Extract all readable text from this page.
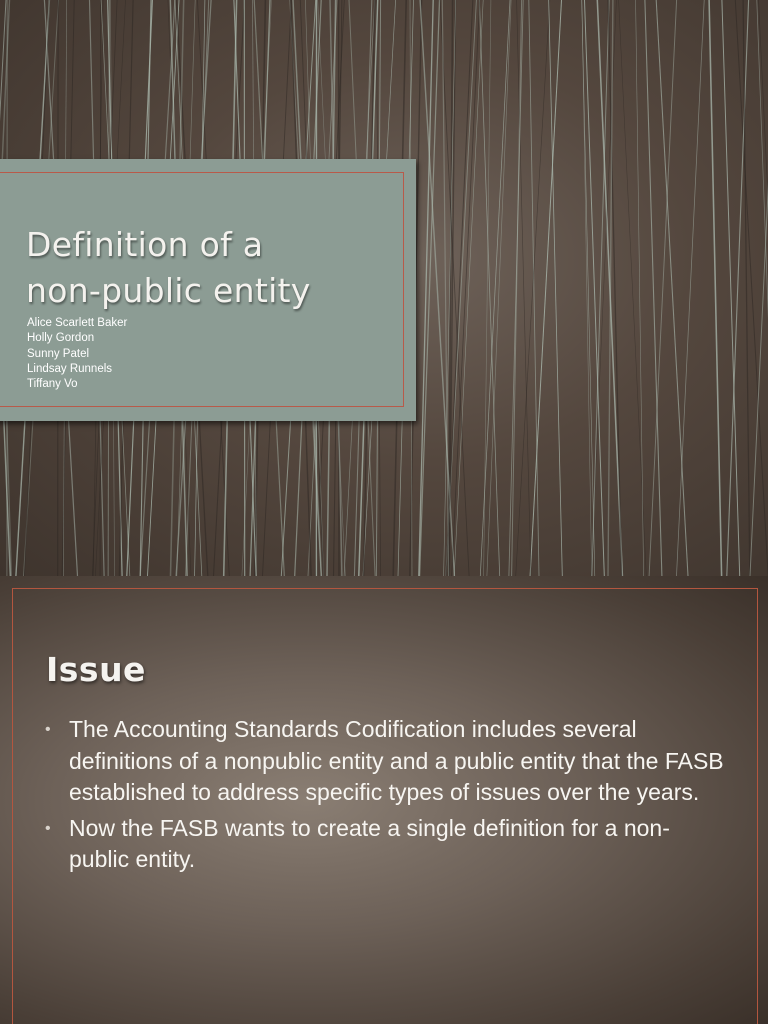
Definition of a
non-public entity
Alice Scarlett Baker
Holly Gordon
Sunny Patel
Lindsay Runnels
Tiffany Vo
Issue
• The Accounting Standards Codification includes several definitions of a nonpublic entity and a public entity that the FASB established to address specific types of issues over the years.
• Now the FASB wants to create a single definition for a non-public entity.
